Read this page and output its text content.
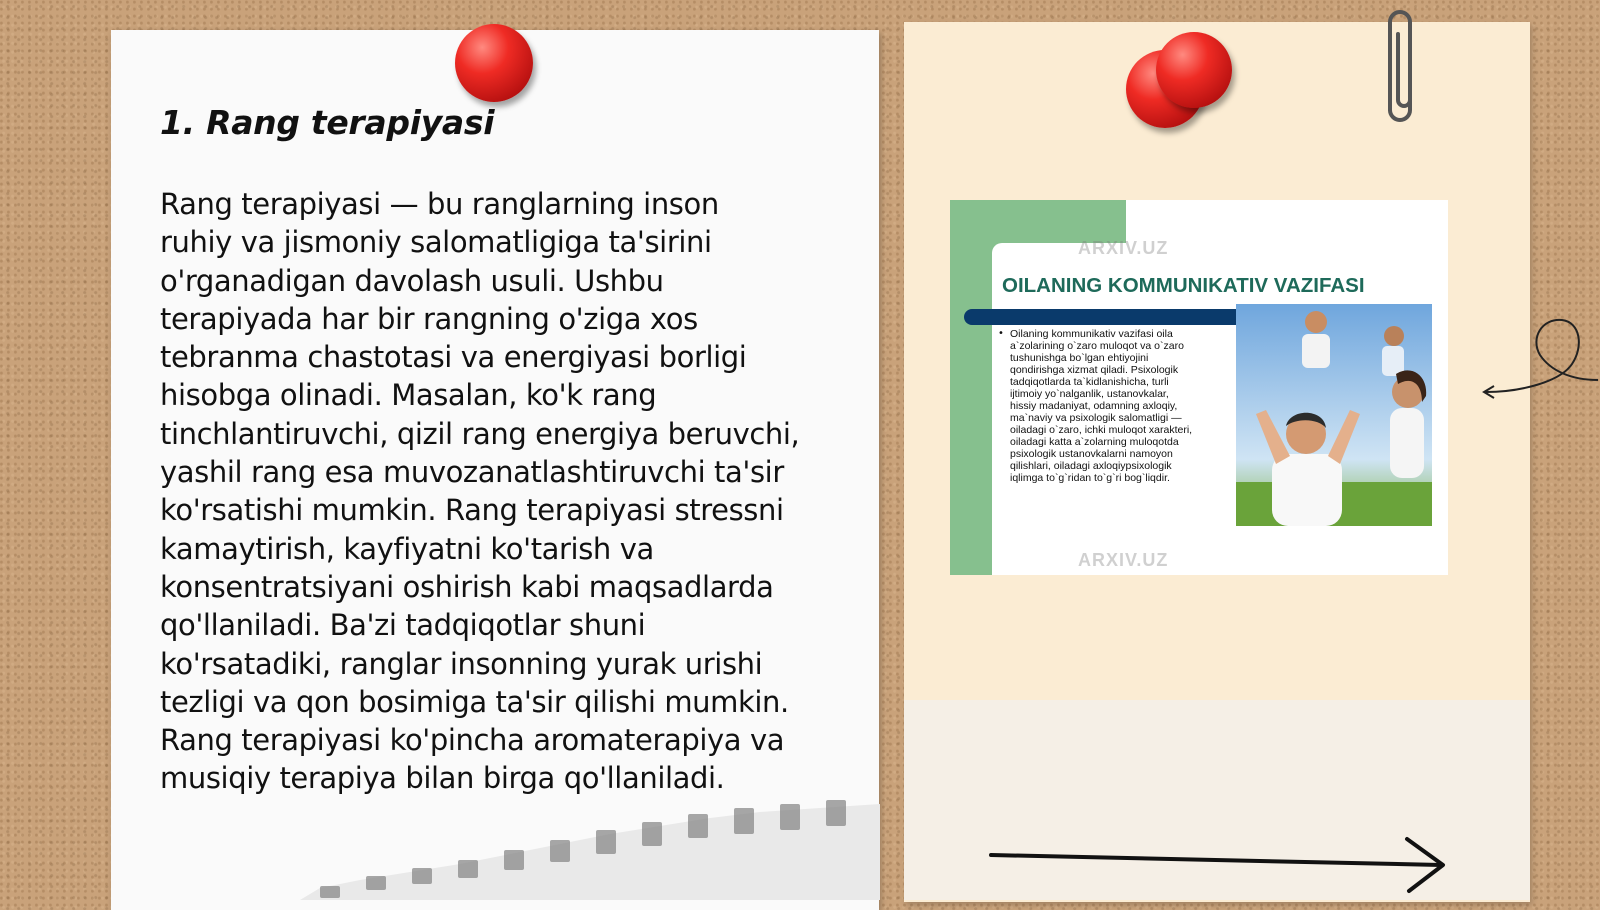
1. Rang terapiyasi
Rang terapiyasi — bu ranglarning inson
ruhiy va jismoniy salomatligiga ta'sirini
o'rganadigan davolash usuli. Ushbu
terapiyada har bir rangning o'ziga xos
tebranma chastotasi va energiyasi borligi
hisobga olinadi. Masalan, ko'k rang
tinchlantiruvchi, qizil rang energiya beruvchi,
yashil rang esa muvozanatlashtiruvchi ta'sir
ko'rsatishi mumkin. Rang terapiyasi stressni
kamaytirish, kayfiyatni ko'tarish va
konsentratsiyani oshirish kabi maqsadlarda
qo'llaniladi. Ba'zi tadqiqotlar shuni
ko'rsatadiki, ranglar insonning yurak urishi
tezligi va qon bosimiga ta'sir qilishi mumkin.
Rang terapiyasi ko'pincha aromaterapiya va
musiqiy terapiya bilan birga qo'llaniladi.
ARXIV.UZ
OILANING KOMMUNIKATIV VAZIFASI
• Oilaning kommunikativ vazifasi oila
a`zolarining o`zaro muloqot va o`zaro
tushunishga bo`lgan ehtiyojini
qondirishga xizmat qiladi. Psixologik
tadqiqotlarda ta`kidlanishicha, turli
ijtimoiy yo`nalganlik, ustanovkalar,
hissiy madaniyat, odamning axloqiy,
ma`naviy va psixologik salomatligi —
oiladagi o`zaro, ichki muloqot xarakteri,
oiladagi katta a`zolarning muloqotda
psixologik ustanovkalarni namoyon
qilishlari, oiladagi axloqiypsixologik
iqlimga to`g`ridan to`g`ri bog`liqdir.
ARXIV.UZ
